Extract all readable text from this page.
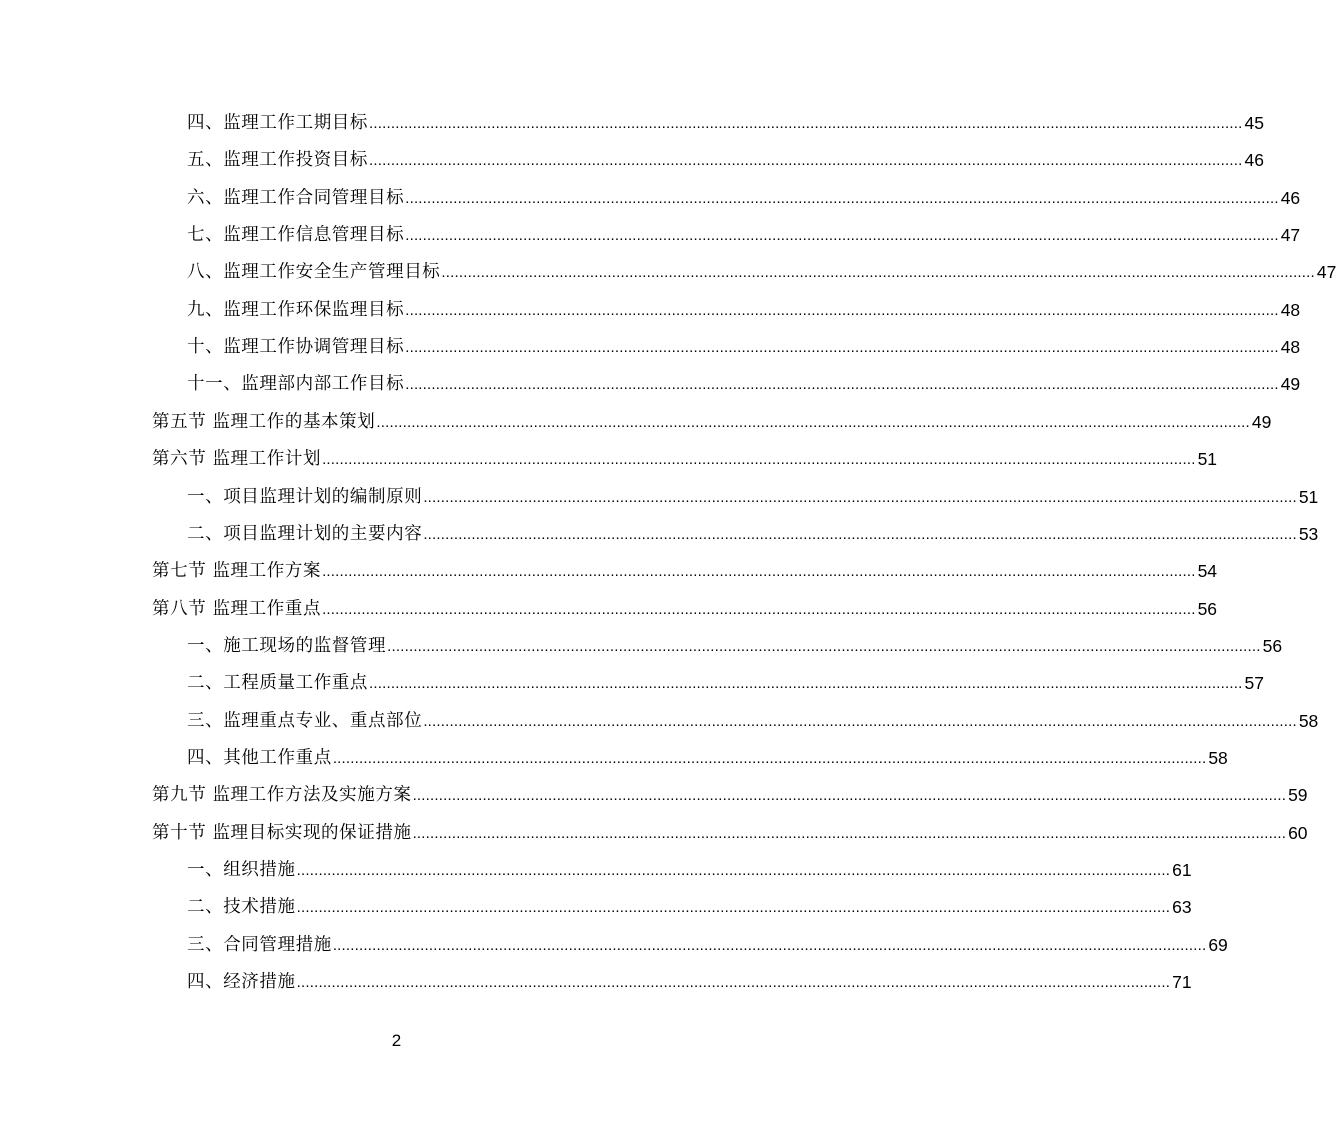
四、监理工作工期目标 ........................................................................................................................................................................................................ 45
五、监理工作投资目标 ........................................................................................................................................................................................................ 46
六、监理工作合同管理目标 ........................................................................................................................................................................................................ 46
七、监理工作信息管理目标 ........................................................................................................................................................................................................ 47
八、监理工作安全生产管理目标 ........................................................................................................................................................................................................ 47
九、监理工作环保监理目标 ........................................................................................................................................................................................................ 48
十、监理工作协调管理目标 ........................................................................................................................................................................................................ 48
十一、监理部内部工作目标 ........................................................................................................................................................................................................ 49
第五节 监理工作的基本策划 ........................................................................................................................................................................................................ 49
第六节 监理工作计划 ........................................................................................................................................................................................................ 51
一、项目监理计划的编制原则 ........................................................................................................................................................................................................ 51
二、项目监理计划的主要内容 ........................................................................................................................................................................................................ 53
第七节 监理工作方案 ........................................................................................................................................................................................................ 54
第八节 监理工作重点 ........................................................................................................................................................................................................ 56
一、施工现场的监督管理 ........................................................................................................................................................................................................ 56
二、工程质量工作重点 ........................................................................................................................................................................................................ 57
三、监理重点专业、重点部位 ........................................................................................................................................................................................................ 58
四、其他工作重点 ........................................................................................................................................................................................................ 58
第九节 监理工作方法及实施方案 ........................................................................................................................................................................................................ 59
第十节 监理目标实现的保证措施 ........................................................................................................................................................................................................ 60
一、组织措施 ........................................................................................................................................................................................................ 61
二、技术措施 ........................................................................................................................................................................................................ 63
三、合同管理措施 ........................................................................................................................................................................................................ 69
四、经济措施 ........................................................................................................................................................................................................ 71
2
